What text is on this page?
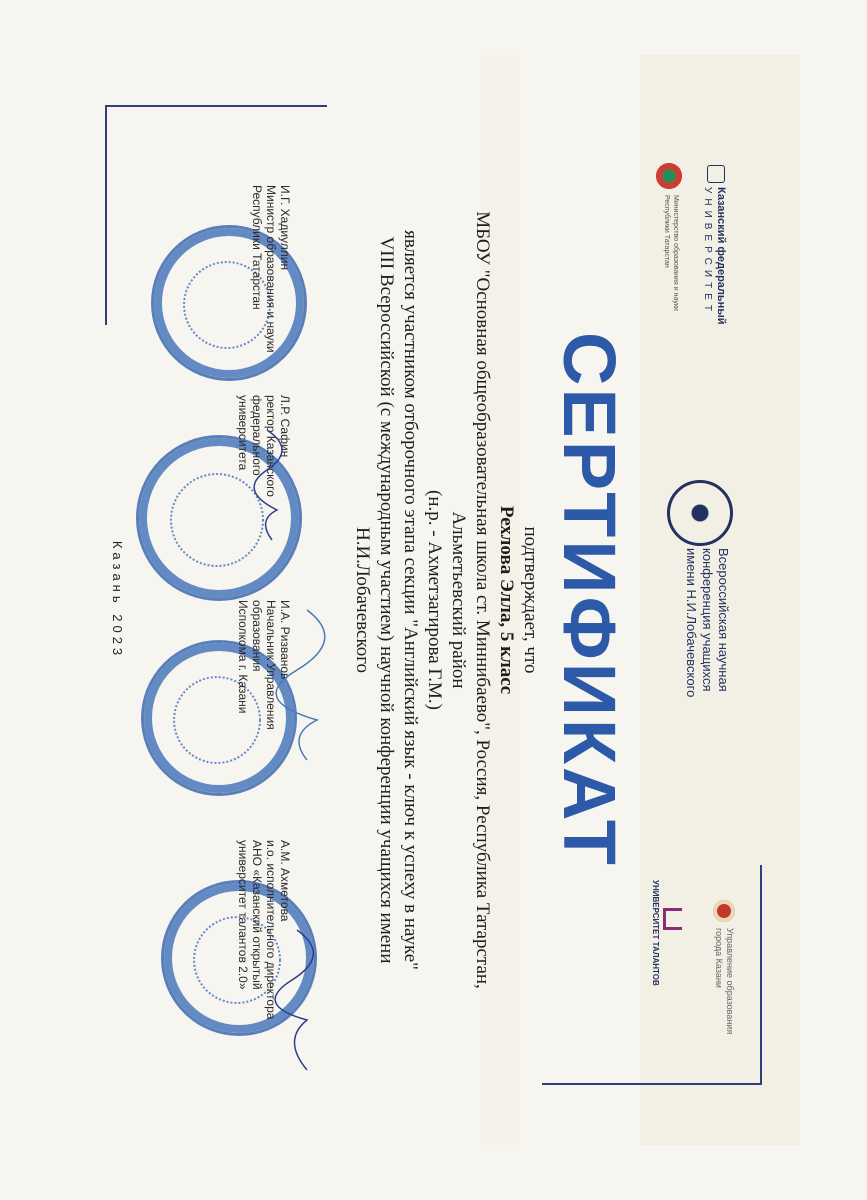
Казанский федеральный
УНИВЕРСИТЕТ
Министерство образования и науки Республики Татарстан
Всероссийская научная
конференция учащихся
имени Н.И.Лобачевского
Управление образования города Казани
УНИВЕРСИТЕТ ТАЛАНТОВ
СЕРТИФИКАТ
подтверждает, что
Рехлова Элла, 5 класс
МБОУ "Основная общеобразовательная школа ст. Миннибаево", Россия, Республика Татарстан,
Альметьевский район
(н.р. - Ахметзагирова Г.М.)
является участником отборочного этапа секции "Английский язык - ключ к успеху в науке"
VIII Всероссийской (с международным участием) научной конференции учащихся имени
Н.И.Лобачевского
И.Г. Хадиуллин
Министр образования и науки
Республики Татарстан
Л.Р. Сафин
ректор Казанского федерального
университета
И.А. Ризванов
Начальник Управления образования
Исполкома г. Казани
А.М. Ахметова
и.о. исполнительного директора
АНО «Казанский открытый
университет талантов 2.0»
Казань 2023
